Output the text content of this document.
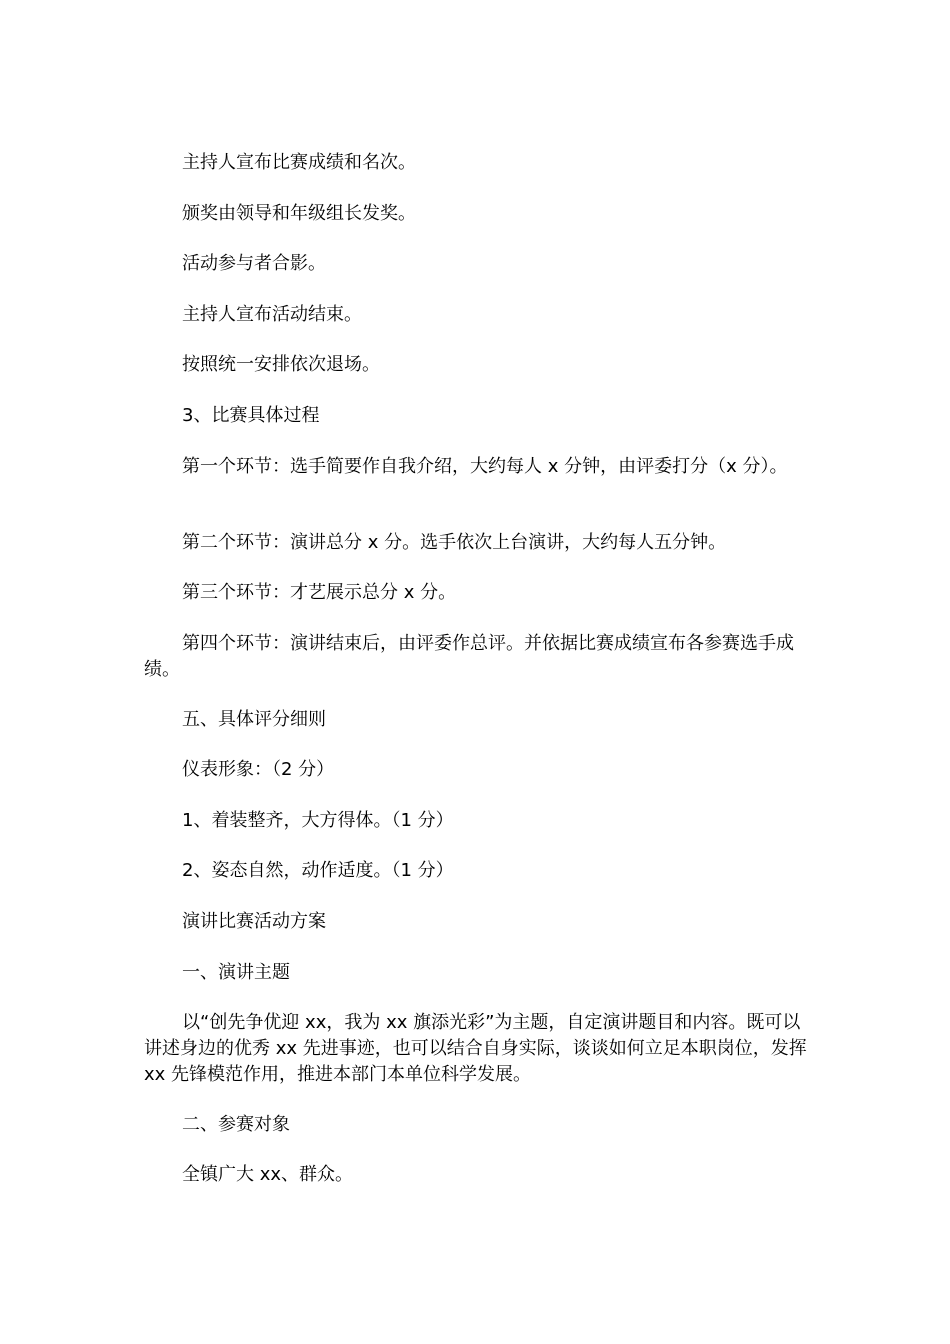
主持人宣布比赛成绩和名次。

颁奖由领导和年级组长发奖。

活动参与者合影。

主持人宣布活动结束。

按照统一安排依次退场。

3、比赛具体过程

第一个环节：选手简要作自我介绍，大约每人 x 分钟，由评委打分（x 分）。

第二个环节：演讲总分 x 分。选手依次上台演讲，大约每人五分钟。

第三个环节：才艺展示总分 x 分。

第四个环节：演讲结束后，由评委作总评。并依据比赛成绩宣布各参赛选手成绩。

五、具体评分细则

仪表形象：（2 分）

1、着装整齐，大方得体。（1 分）

2、姿态自然，动作适度。（1 分）

演讲比赛活动方案

一、演讲主题

以“创先争优迎 xx，我为 xx 旗添光彩”为主题，自定演讲题目和内容。既可以讲述身边的优秀 xx 先进事迹，也可以结合自身实际，谈谈如何立足本职岗位，发挥 xx 先锋模范作用，推进本部门本单位科学发展。

二、参赛对象

全镇广大 xx、群众。
